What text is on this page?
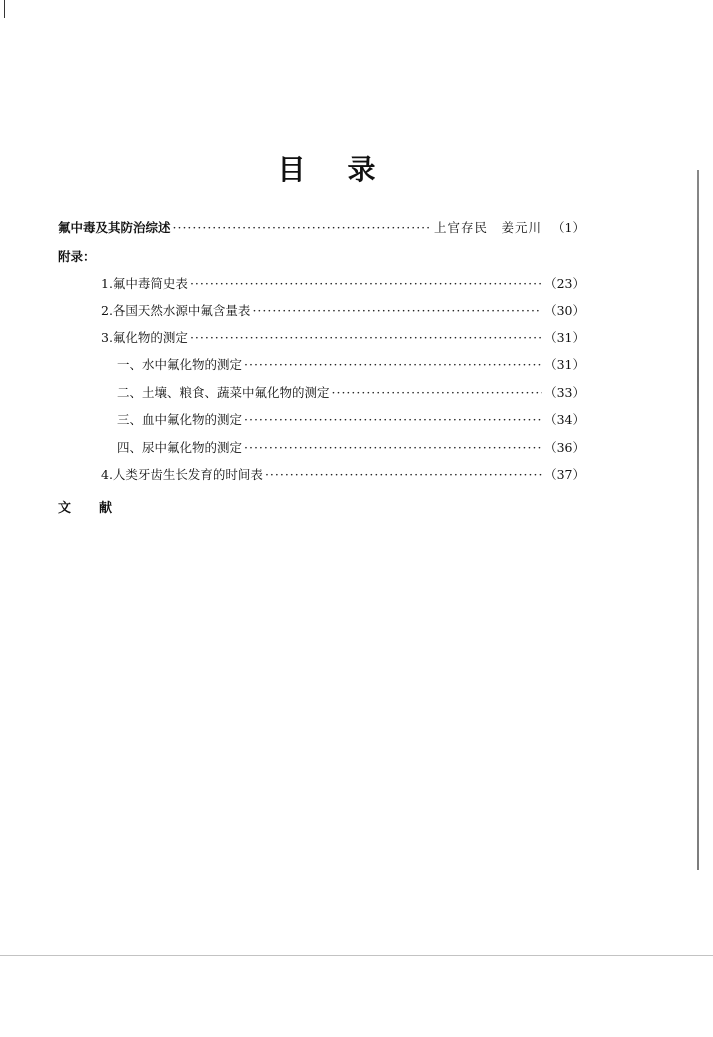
目 录
氟中毒及其防治综述 ·····	上官存民　姜元川 （1）
附录：
1.氟中毒简史表 ·····	（23）
2.各国天然水源中氟含量表 ·····	（30）
3.氟化物的测定 ·····	（31）
一、水中氟化物的测定 ·····	（31）
二、土壤、粮食、蔬菜中氟化物的测定 ·····	（33）
三、血中氟化物的测定 ·····	（34）
四、尿中氟化物的测定 ·····	（36）
4.人类牙齿生长发育的时间表 ·····	（37）
文 献
